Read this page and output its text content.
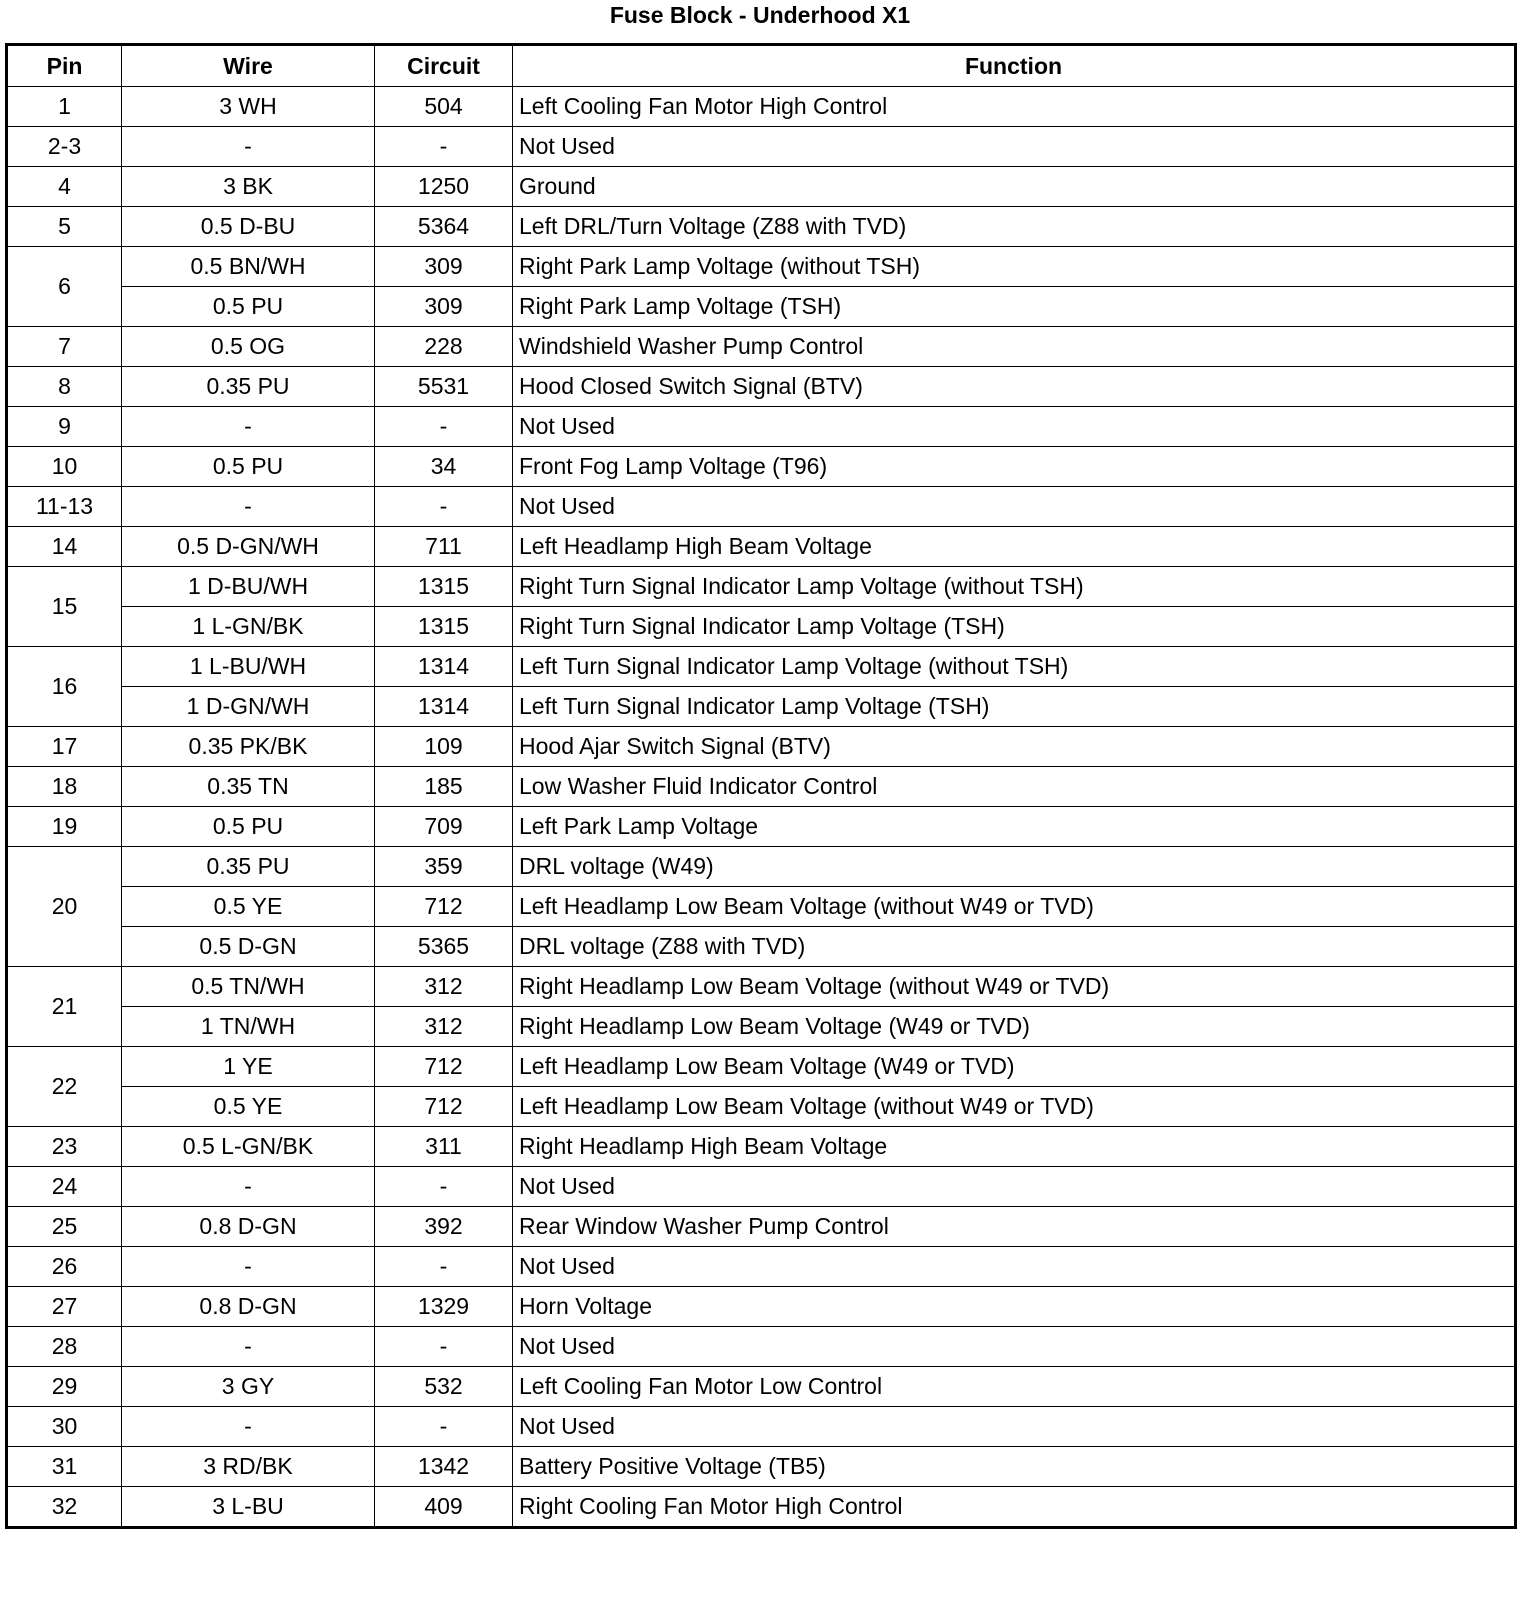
Fuse Block - Underhood X1
Pin	Wire	Circuit	Function
1	3 WH	504	Left Cooling Fan Motor High Control
2-3	-	-	Not Used
4	3 BK	1250	Ground
5	0.5 D-BU	5364	Left DRL/Turn Voltage (Z88 with TVD)
6	0.5 BN/WH	309	Right Park Lamp Voltage (without TSH)
	0.5 PU	309	Right Park Lamp Voltage (TSH)
7	0.5 OG	228	Windshield Washer Pump Control
8	0.35 PU	5531	Hood Closed Switch Signal (BTV)
9	-	-	Not Used
10	0.5 PU	34	Front Fog Lamp Voltage (T96)
11-13	-	-	Not Used
14	0.5 D-GN/WH	711	Left Headlamp High Beam Voltage
15	1 D-BU/WH	1315	Right Turn Signal Indicator Lamp Voltage (without TSH)
	1 L-GN/BK	1315	Right Turn Signal Indicator Lamp Voltage (TSH)
16	1 L-BU/WH	1314	Left Turn Signal Indicator Lamp Voltage (without TSH)
	1 D-GN/WH	1314	Left Turn Signal Indicator Lamp Voltage (TSH)
17	0.35 PK/BK	109	Hood Ajar Switch Signal (BTV)
18	0.35 TN	185	Low Washer Fluid Indicator Control
19	0.5 PU	709	Left Park Lamp Voltage
20	0.35 PU	359	DRL voltage (W49)
	0.5 YE	712	Left Headlamp Low Beam Voltage (without W49 or TVD)
	0.5 D-GN	5365	DRL voltage (Z88 with TVD)
21	0.5 TN/WH	312	Right Headlamp Low Beam Voltage (without W49 or TVD)
	1 TN/WH	312	Right Headlamp Low Beam Voltage (W49 or TVD)
22	1 YE	712	Left Headlamp Low Beam Voltage (W49 or TVD)
	0.5 YE	712	Left Headlamp Low Beam Voltage (without W49 or TVD)
23	0.5 L-GN/BK	311	Right Headlamp High Beam Voltage
24	-	-	Not Used
25	0.8 D-GN	392	Rear Window Washer Pump Control
26	-	-	Not Used
27	0.8 D-GN	1329	Horn Voltage
28	-	-	Not Used
29	3 GY	532	Left Cooling Fan Motor Low Control
30	-	-	Not Used
31	3 RD/BK	1342	Battery Positive Voltage (TB5)
32	3 L-BU	409	Right Cooling Fan Motor High Control
